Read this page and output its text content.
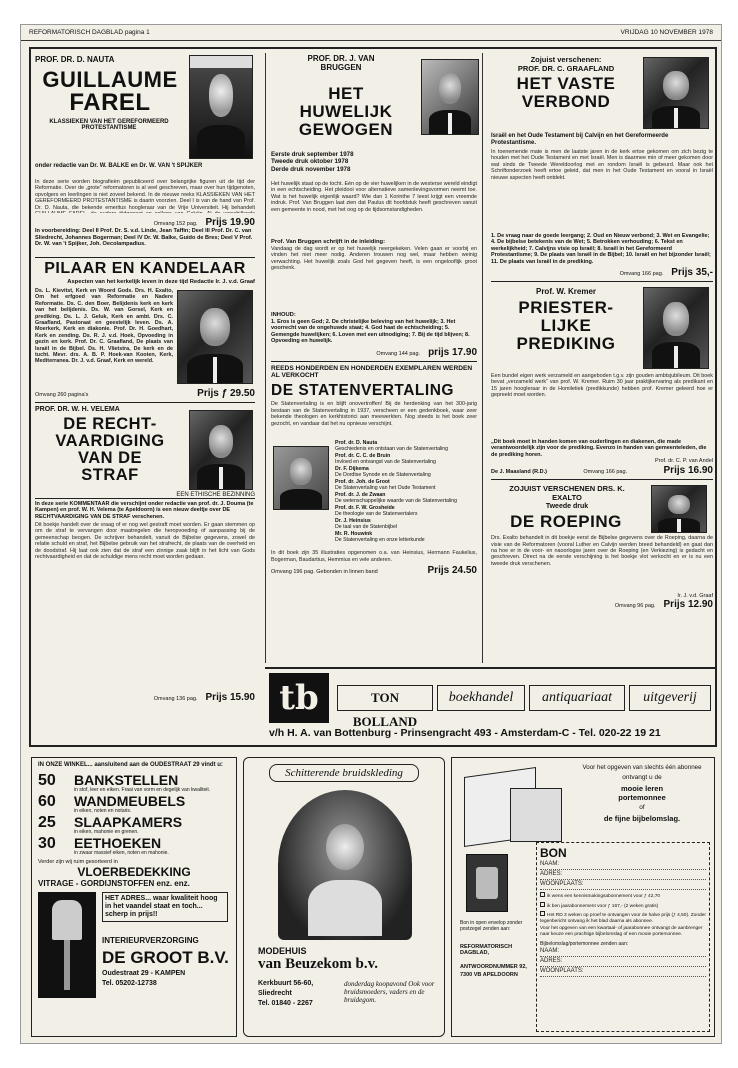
REFORMATORISCH DAGBLAD pagina 1	VRIJDAG 10 NOVEMBER 1978
PROF. DR. D. NAUTA
GUILLAUME
FAREL
KLASSIEKEN VAN HET GEREFORMEERD PROTESTANTISME
onder redactie van Dr. W. BALKE en Dr. W. VAN 't SPIJKER
In deze serie worden biografieën gepubliceerd over belangrijke figuren uit de tijd der Reformatie. Over de „grote” reformatoren is al veel geschreven, maar over hun tijdgenoten, opvolgers en leerlingen is niet zoveel bekend. In de nieuwe reeks KLASSIEKEN VAN HET GEREFORMEERD PROTESTANTISME is daarin voorzien. Deel I is van de hand van Prof. Dr. D. Nauta, die bekende emeritus hoogleraar van de Vrije Universiteit. Hij behandelt
Omvang 152 pag. Prijs 19.90
In voorbereiding: Deel II Prof. Dr. S. v.d. Linde, Jean Taffin; Deel III Prof. Dr. C. van Sliedrecht, Johannes Bogerman; Deel IV Dr. W. Balke, Guido de Bres; Deel V Prof. Dr. W. van 't Spijker, Joh. Oecolampadius.
PILAAR EN KANDELAAR
Aspecten van het kerkelijk leven in deze tijd Redactie Ir. J. v.d. Graaf
Ds. L. Kievitst, Kerk en Woord Gods. Drs. H. Exalto, Om het erfgoed van Reformatie en Nadere Reformatie. Ds. C. den Boer, Belijdenis kerk en kerk van het belijdenis. Ds. W. van Gorsel, Kerk en prediking. Ds. L. J. Geluk, Kerk en ambt. Drs. C. Graafland, Pastoraat en geestelijk leven. Ds. A. Moerkerk, Kerk en diakonie. Prof. Dr. H. Goedhart, Kerk en zending. Ds. R. J. v.d. Hoek, Opvoeding in gezin en kerk. Prof. Dr. C. Graafland, De plaats van Israël in de Bijbel. Ds. H. Vlietstra, De kerk en de tucht. Mevr. drs. A. B. P. Hoek-van Kooten, Kerk, Mediterranea. Dr. J. v.d. Graaf, Kerk en wereld.
Omvang 260 pagina's	Prijs ƒ 29.50
PROF. DR. W. H. VELEMA
DE RECHT-
VAARDIGING
VAN DE
STRAF
EEN ETHISCHE BEZINNING
In deze serie KOMMENTAAR die verschijnt onder redactie van prof. dr. J. Douma (te Kampen) en prof. W. H. Velema (te Apeldoorn) is een nieuw deeltje over DE RECHTVAARDIGING VAN DE STRAF verschenen.
Dit boekje handelt over de vraag of er nog wel gestraft moet worden. Er gaan stemmen op om de straf te vervangen door maatregelen die heropvoeding of aanpassing bij de gemeenschap beogen. De schrijver behandelt, vanuit de Bijbelse gegevens, zowel de relatie schuld en straf, het Bijbelse gebruik van het strafrecht, de plaats van de overheid en de doodstraf. Hij laat ook zien dat de straf een zinnige zaak blijft in het licht van Gods rechtvaardigheid en dat de schuldige mens recht moet worden gedaan.
Omvang 136 pag. Prijs 15.90
PROF. DR. J. VAN BRUGGEN
HET
HUWELIJK
GEWOGEN
Eerste druk september 1978
Tweede druk oktober 1978
Derde druk november 1978
Het huwelijk staat op de tocht. Eén op de vier huwelijken in de westerse wereld eindigt in een echtscheiding. Het pleidooi voor alternatieve samenlevingsvormen neemt toe. Wat is het huwelijk eigenlijk waard? Wie dan 1 Korinthe 7 leest krijgt een vreemde indruk. Prof. Van Bruggen laat zien dat Paulus dit hoofdstuk heeft geschreven vanuit een gemeente in nood, met het oog op de tijdsomstandigheden.
Prof. Van Bruggen schrijft in de inleiding:
Vandaag de dag wordt er op het huwelijk neergekeken. Velen gaan er voorbij en vinden het niet meer nodig. Anderen trouwen nog wel, maar hebben weinig verwachting. Het huwelijk zoals God het gegeven heeft, is een ongelooflijk groot geschenk.
INHOUD:
1. Eros is geen God; 2. De christelijke beleving van het huwelijk; 3. Het voorrecht van de ongehuwde staat; 4. God haat de echtscheiding; 5. Gemengde huwelijken; 6. Loven met een uitnodiging; 7. Bij de tijd blijven; 8. Opvoeding en huwelijk.
Omvang 144 pag. prijs 17.90
REEDS HONDERDEN EN HONDERDEN EXEMPLAREN WERDEN AL VERKOCHT
DE STATENVERTALING
De Statenvertaling is en blijft onovertroffen! Bij de herdenking van het 300-jarig bestaan van de Statenvertaling in 1937, verscheen er een gedenkboek, waar zeer bekende theologen en kerkhistorici aan meewerkten. Nog steeds is het boek zeer gezocht, en vandaar dat het nu opnieuw verschijnt.
Prof. dr. D. Nauta
Geschiedenis en ontstaan van de Statenvertaling
Prof. dr. C. C. de Bruin
Invloed en ontvangst van de Statenvertaling
Dr. F. Dijkema
De Dordtse Synode en de Statenvertaling
Prof. dr. Joh. de Groot
De Statenvertaling van het Oude Testament
Prof. dr. J. de Zwaan
De wetenschappelijke waarde van de Statenvertaling
Prof. dr. F. W. Grosheide
De theologie van de Statenvertalers
Dr. J. Heinsius
De taal van de Statenbijbel
Mr. R. Houwink
De Statenvertaling en onze letterkunde
In dit boek zijn 35 illustraties opgenomen o.a. van Heinsius, Hermann Faukelius, Bogerman, Baudartius, Hemmius en vele anderen.
Omvang 196 pag. Gebonden in linnen band	Prijs 24.50
Zojuist verschenen:
PROF. DR. C. GRAAFLAND
HET VASTE
VERBOND
Israël en het Oude Testament bij Calvijn en het Gereformeerde Protestantisme.
In toenemende mate is men de laatste jaren in de kerk ertoe gekomen om zich bezig te houden met het Oude Testament en met Israël. Men is daarmee min of meer gekomen door wat sinds de Tweede Wereldoorlog met en rondom Israël is gebeurd. Maar ook het Schriftonderzoek heeft ertoe geleid, dat men in het Oude Testament en vooral in Israël nieuwe aspecten heeft ontdekt.
1. De vraag naar de goede leergang; 2. Oud en Nieuw verbond; 3. Wet en Evangelie; 4. De bijbelse betekenis van de Wet; 5. Betrokken verhouding; 6. Tekst en werkelijkheid; 7. Calvijns visie op Israël; 8. Israël in het Gereformeerd Protestantisme; 9. De plaats van Israël in de Bijbel; 10. Israël en het bijzonder Israël; 11. De plaats van Israël in de prediking.
Omvang 166 pag. Prijs 35,-
Prof. W. Kremer
PRIESTER-
LIJKE
PREDIKING
Een bundel eigen werk verzameld en aangeboden t.g.v. zijn gouden ambtsjubileum. Dit boek bevat „verzameld werk” van prof. W. Kremer. Ruim 30 jaar praktijkervaring als predikant en 15 jaren hoogleraar in de Homiletiek (predikkunde) hebben prof. Kremer geleerd hoe er gepreekt moet worden.
„Dit boek moet in handen komen van ouderlingen en diakenen, die made verantwoordelijk zijn voor de prediking. Evenzo in handen van gemeenteleden, die de prediking horen.
Prof. dr. C. P. van Andel
De J. Maasland (R.D.)	Omvang 166 pag.	Prijs 16.90
ZOJUIST VERSCHENEN DRS. K. EXALTO
Tweede druk
DE ROEPING
Drs. Exalto behandelt in dit boekje eerst de Bijbelse gegevens over de Roeping, daarna de visie van de Reformatoren (vooral Luther en Calvijn werden breed behandeld) en gaat dan na hoe er in de voor- en naoorlogse jaren over de Roeping (en Verkiezing) is gedacht en geschreven. Direct na de eerste verschijning is het boekje vlot verkocht en er is nu een tweede druk verschenen.
Ir. J. v.d. Graaf
Omvang 96 pag. Prijs 12.90
tb	TON BOLLAND
boekhandel	antiquariaat	uitgeverij
v/h H. A. van Bottenburg - Prinsengracht 493 - Amsterdam-C - Tel. 020-22 19 21
IN ONZE WINKEL... aansluitend aan de OUDESTRAAT 29 vindt u:
50 BANKSTELLEN
in stof, leer en eiken. Fraai van vorm en degelijk van kwaliteit.
60 WANDMEUBELS
in eiken, noten en notaris.
25 SLAAPKAMERS
in eiken, mahonie en grenen.
30 EETHOEKEN
in zwaar massief eiken, noten en mahonie.
Verder zijn wij ruim gesorteerd in
VLOERBEDEKKING
VITRAGE - GORDIJNSTOFFEN enz. enz.
HET ADRES... waar kwaliteit hoog in het vaandel staat en toch... scherp in prijs!!
INTERIEURVERZORGING
DE GROOT B.V.
Oudestraat 29 - KAMPEN
Tel. 05202-12738
Schitterende bruidskleding
MODEHUIS
van Beuzekom b.v.
Kerkbuurt 56-60,
Sliedrecht
Tel. 01840 - 2267
donderdag koopavond Ook voor bruidsmoeders, vaders en de bruidegom.
Voor het opgeven van slechts één abonnee
ontvangt u de
mooie leren portemonnee
of
de fijne bijbelomslag.
Bon in open envelop zonder postzegel zenden aan:
REFORMATORISCH DAGBLAD,
ANTWOORDNUMMER 92,
7300 VB APELDOORN
BON
NAAM:
ADRES:
WOONPLAATS:
ik wens een kennismakingsabonnement voor ƒ 42,70
ik ben jaarabonnement voor ƒ 167,- (2 weken gratis)
Het RD 3 weken op proef te ontvangen voor de halve prijs (ƒ 4,50). Zonder tegenbericht ontvang ik het blad daarna als abonnee.
Voor het opgeven van een kwartaal- of jaarabonnee ontvangt de aanbrenger naar keuze een prachtige bijbelomslag of een mooie portemonnee.
Bijbelomslag/portemonnee zenden aan:
NAAM:
ADRES:
WOONPLAATS:
